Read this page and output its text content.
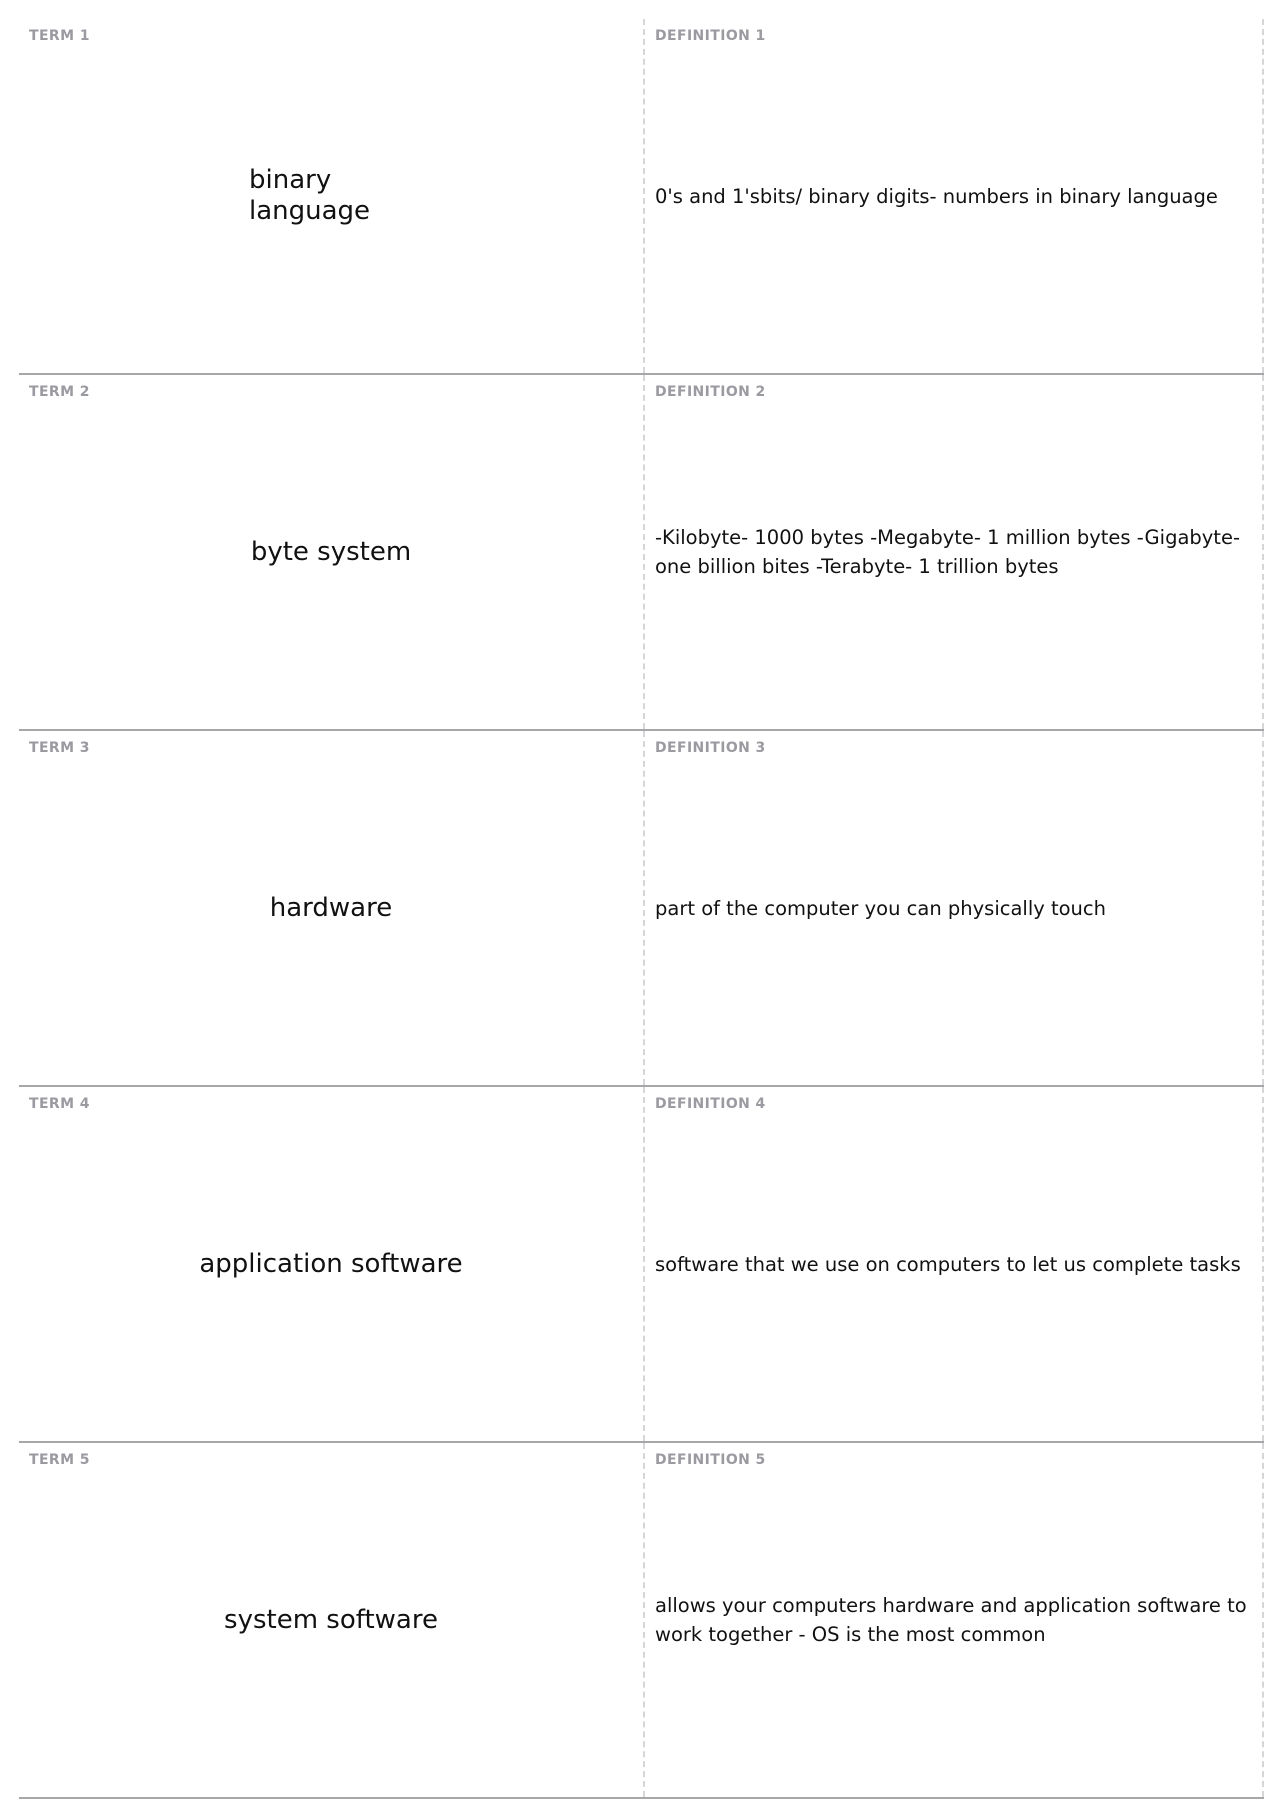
TERM 1
binary language
DEFINITION 1
0's and 1'sbits/ binary digits- numbers in binary language
TERM 2
byte system
DEFINITION 2
-Kilobyte- 1000 bytes -Megabyte- 1 million bytes -Gigabyte- one billion bites -Terabyte- 1 trillion bytes
TERM 3
hardware
DEFINITION 3
part of the computer you can physically touch
TERM 4
application software
DEFINITION 4
software that we use on computers to let us complete tasks
TERM 5
system software
DEFINITION 5
allows your computers hardware and application software to work together - OS is the most common
